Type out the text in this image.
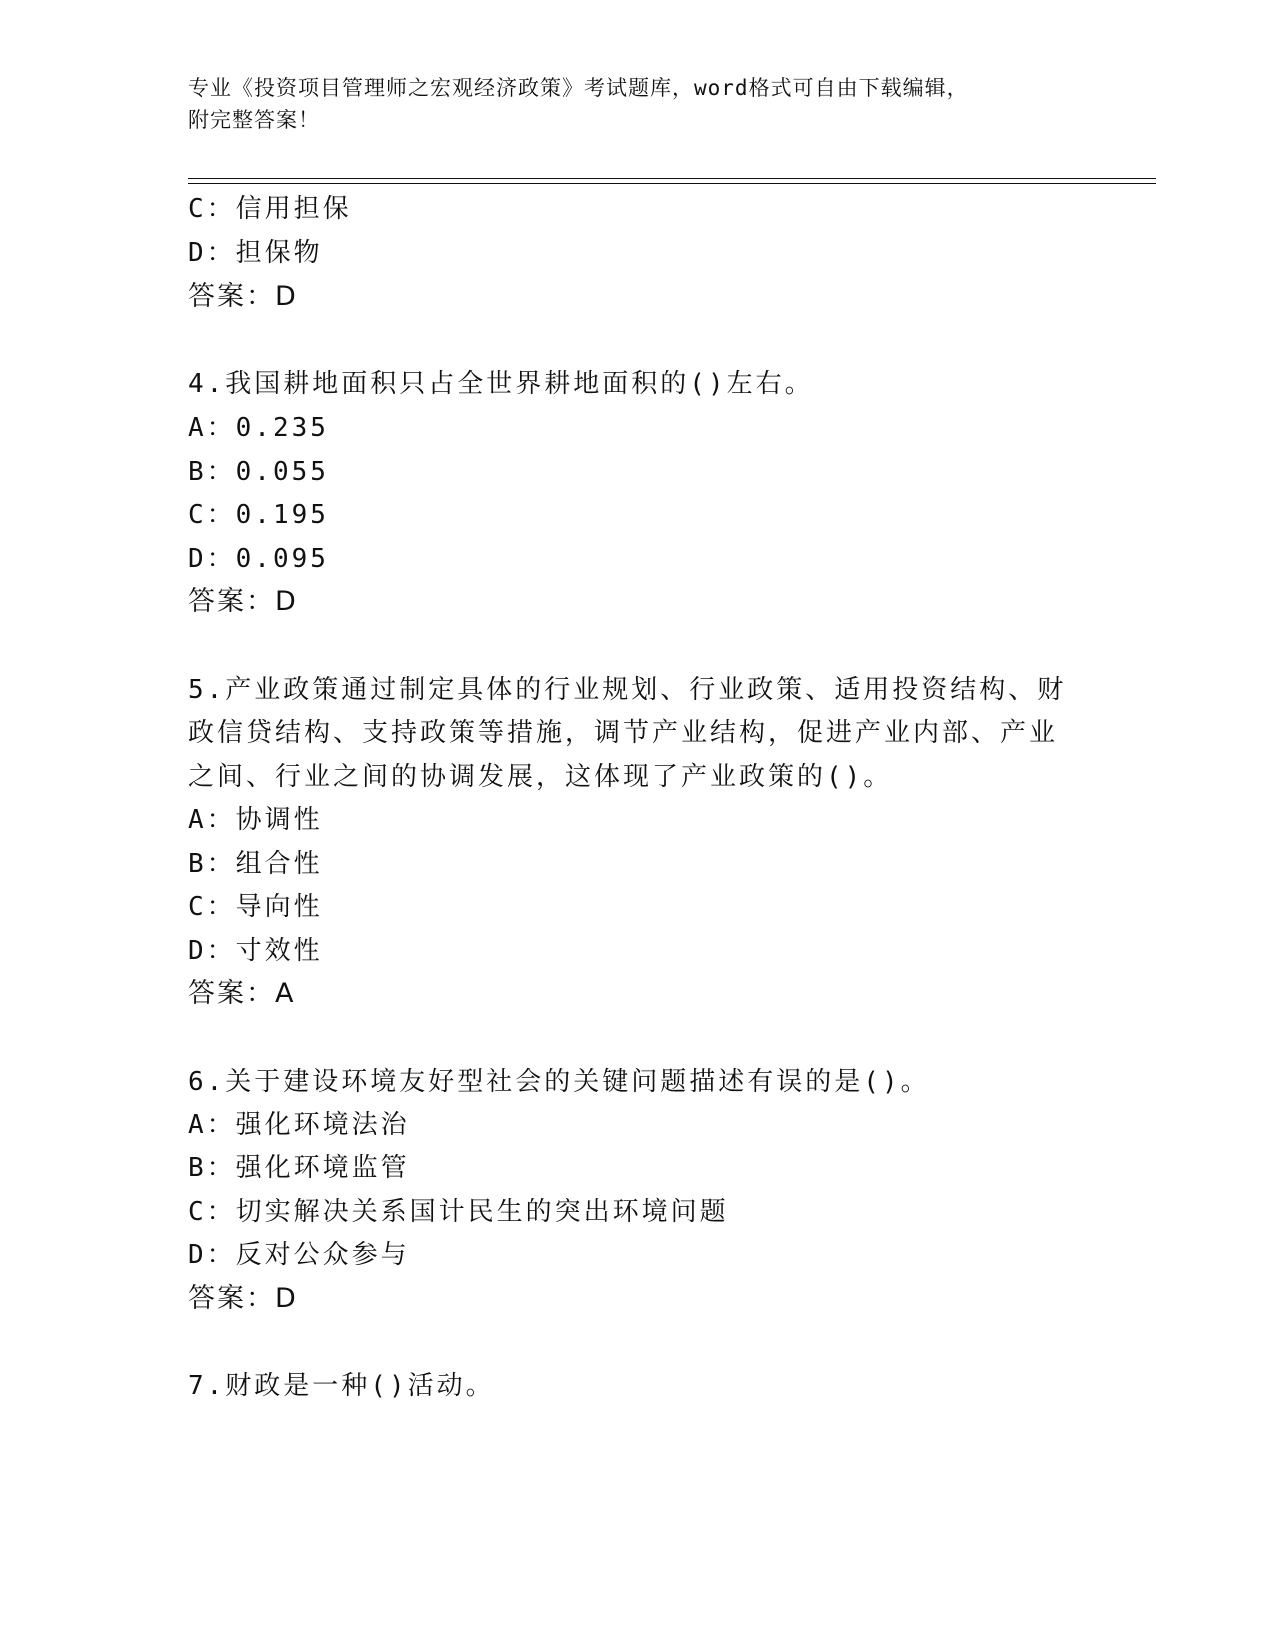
专业《投资项目管理师之宏观经济政策》考试题库，word格式可自由下载编辑，
附完整答案！
C：信用担保
D：担保物
答案：D
4.我国耕地面积只占全世界耕地面积的()左右。
A：0.235
B：0.055
C：0.195
D：0.095
答案：D
5.产业政策通过制定具体的行业规划、行业政策、适用投资结构、财
政信贷结构、支持政策等措施，调节产业结构，促进产业内部、产业
之间、行业之间的协调发展，这体现了产业政策的()。
A：协调性
B：组合性
C：导向性
D：寸效性
答案：A
6.关于建设环境友好型社会的关键问题描述有误的是()。
A：强化环境法治
B：强化环境监管
C：切实解决关系国计民生的突出环境问题
D：反对公众参与
答案：D
7.财政是一种()活动。
